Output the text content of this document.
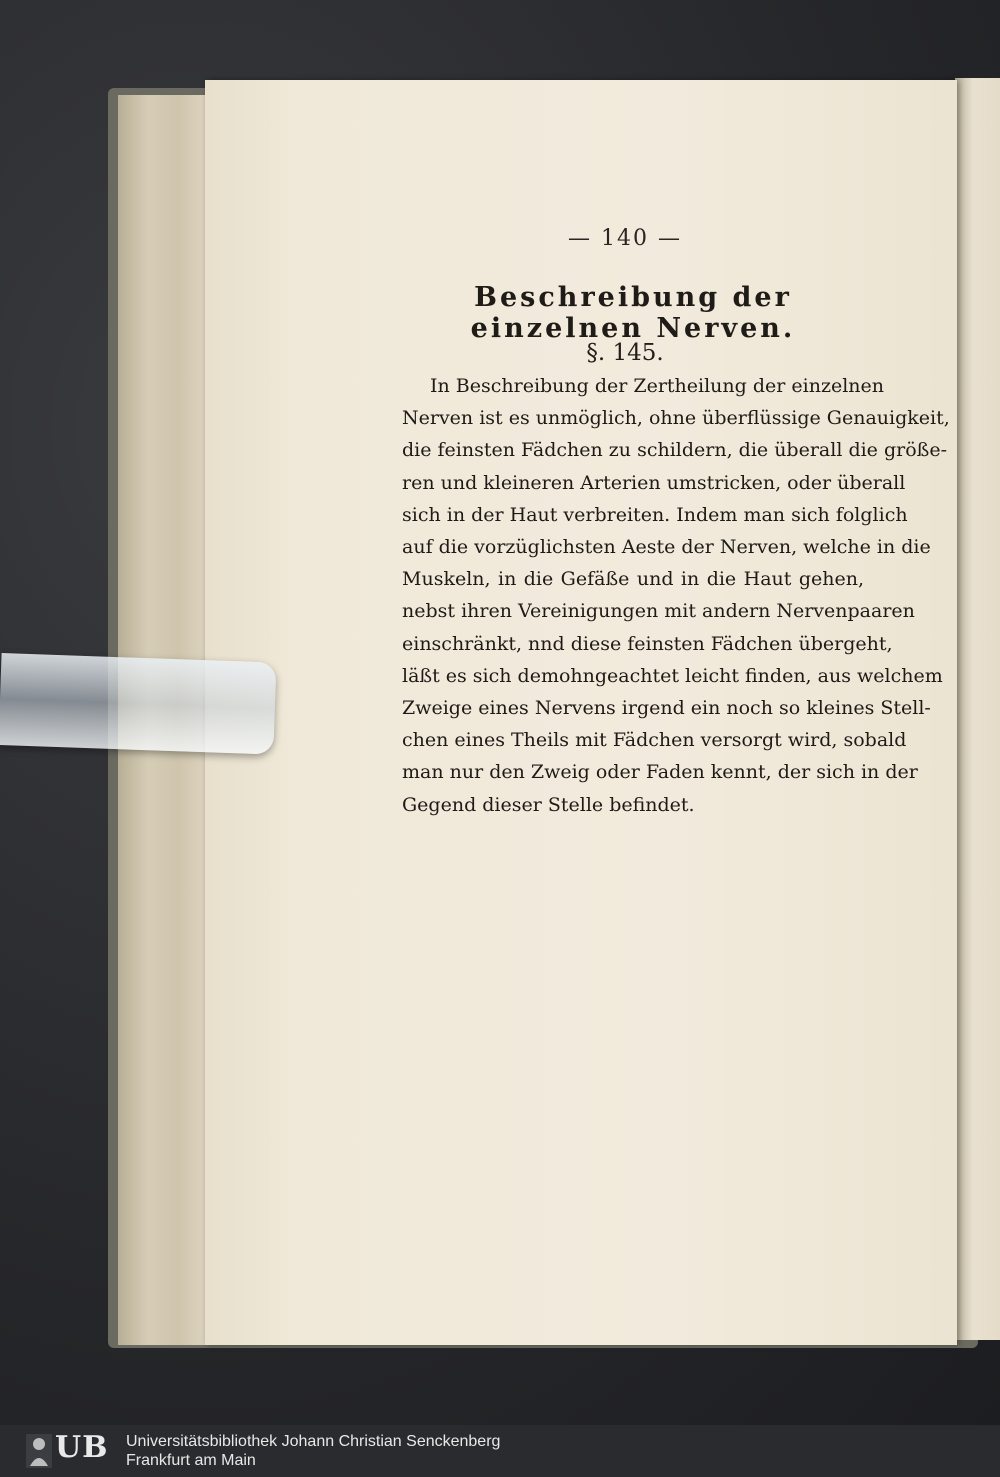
— 140 —
Beschreibung der einzelnen Nerven.
§. 145.
In Beschreibung der Zertheilung der einzelnen
Nerven ist es unmöglich, ohne überflüssige Genauigkeit,
die feinsten Fädchen zu schildern, die überall die größe-
ren und kleineren Arterien umstricken, oder überall
sich in der Haut verbreiten. Indem man sich folglich
auf die vorzüglichsten Aeste der Nerven, welche in die
Muskeln, in die Gefäße und in die Haut gehen,
nebst ihren Vereinigungen mit andern Nervenpaaren
einschränkt, nnd diese feinsten Fädchen übergeht,
läßt es sich demohngeachtet leicht finden, aus welchem
Zweige eines Nervens irgend ein noch so kleines Stell-
chen eines Theils mit Fädchen versorgt wird, sobald
man nur den Zweig oder Faden kennt, der sich in der
Gegend dieser Stelle befindet.
UB Universitätsbibliothek Johann Christian Senckenberg
Frankfurt am Main
